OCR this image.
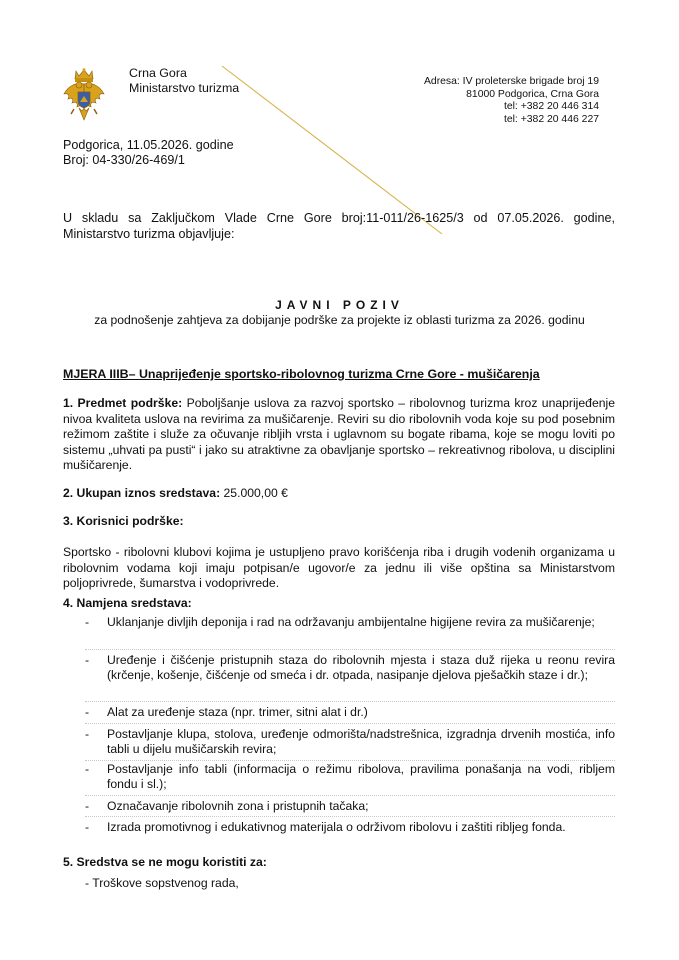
Crna Gora
Ministarstvo turizma	Adresa: IV proleterske brigade broj 19
81000 Podgorica, Crna Gora
tel: +382 20 446 314
tel: +382 20 446 227
Podgorica, 11.05.2026. godine
Broj: 04-330/26-469/1
U skladu sa Zaključkom Vlade Crne Gore broj:11-011/26-1625/3 od 07.05.2026. godine, Ministarstvo turizma objavljuje:
JAVNI POZIV
za podnošenje zahtjeva za dobijanje podrške za projekte iz oblasti turizma za 2026. godinu
MJERA IIIB– Unaprijeđenje sportsko-ribolovnog turizma Crne Gore - mušičarenja
1. Predmet podrške: Poboljšanje uslova za razvoj sportsko – ribolovnog turizma kroz unaprijeđenje nivoa kvaliteta uslova na revirima za mušičarenje. Reviri su dio ribolovnih voda koje su pod posebnim režimom zaštite i služe za očuvanje ribljih vrsta i uglavnom su bogate ribama, koje se mogu loviti po sistemu „uhvati pa pusti“ i jako su atraktivne za obavljanje sportsko – rekreativnog ribolova, u disciplini mušičarenje.
2. Ukupan iznos sredstava: 25.000,00 €
3. Korisnici podrške:
Sportsko - ribolovni klubovi kojima je ustupljeno pravo korišćenja riba i drugih vodenih organizama u ribolovnim vodama koji imaju potpisan/e ugovor/e za jednu ili više opština sa Ministarstvom poljoprivrede, šumarstva i vodoprivrede.
4. Namjena sredstava:
-	Uklanjanje divljih deponija i rad na održavanju ambijentalne higijene revira za mušičarenje;
-	Uređenje i čišćenje pristupnih staza do ribolovnih mjesta i staza duž rijeka u reonu revira (krčenje, košenje, čišćenje od smeća i dr. otpada, nasipanje djelova pješačkih staze i dr.);
-	Alat za uređenje staza (npr. trimer, sitni alat i dr.)
-	Postavljanje klupa, stolova, uređenje odmorišta/nadstrešnica, izgradnja drvenih mostića, info tabli u dijelu mušičarskih revira;
-	Postavljanje info tabli (informacija o režimu ribolova, pravilima ponašanja na vodi, ribljem fondu i sl.);
-	Označavanje ribolovnih zona i pristupnih tačaka;
-	Izrada promotivnog i edukativnog materijala o održivom ribolovu i zaštiti ribljeg fonda.
5. Sredstva se ne mogu koristiti za:
- Troškove sopstvenog rada,
